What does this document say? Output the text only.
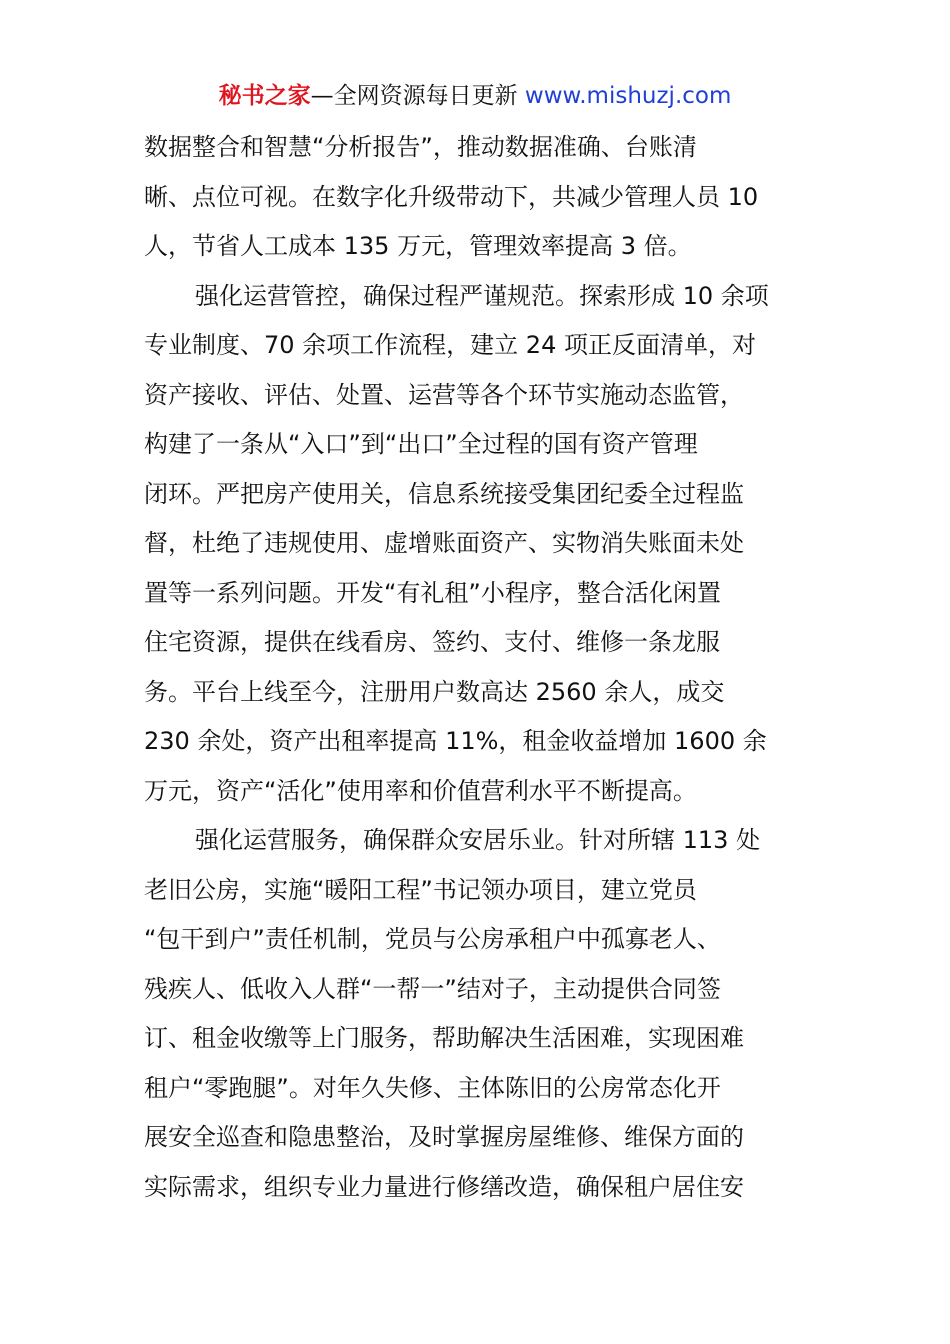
秘书之家—全网资源每日更新 www.mishuzj.com
数据整合和智慧“分析报告”，推动数据准确、台账清
晰、点位可视。在数字化升级带动下，共减少管理人员 10
人，节省人工成本 135 万元，管理效率提高 3 倍。
强化运营管控，确保过程严谨规范。探索形成 10 余项
专业制度、70 余项工作流程，建立 24 项正反面清单，对
资产接收、评估、处置、运营等各个环节实施动态监管，
构建了一条从“入口”到“出口”全过程的国有资产管理
闭环。严把房产使用关，信息系统接受集团纪委全过程监
督，杜绝了违规使用、虚增账面资产、实物消失账面未处
置等一系列问题。开发“有礼租”小程序，整合活化闲置
住宅资源，提供在线看房、签约、支付、维修一条龙服
务。平台上线至今，注册用户数高达 2560 余人，成交
230 余处，资产出租率提高 11%，租金收益增加 1600 余
万元，资产“活化”使用率和价值营利水平不断提高。
强化运营服务，确保群众安居乐业。针对所辖 113 处
老旧公房，实施“暖阳工程”书记领办项目，建立党员
“包干到户”责任机制，党员与公房承租户中孤寡老人、
残疾人、低收入人群“一帮一”结对子，主动提供合同签
订、租金收缴等上门服务，帮助解决生活困难，实现困难
租户“零跑腿”。对年久失修、主体陈旧的公房常态化开
展安全巡查和隐患整治，及时掌握房屋维修、维保方面的
实际需求，组织专业力量进行修缮改造，确保租户居住安
